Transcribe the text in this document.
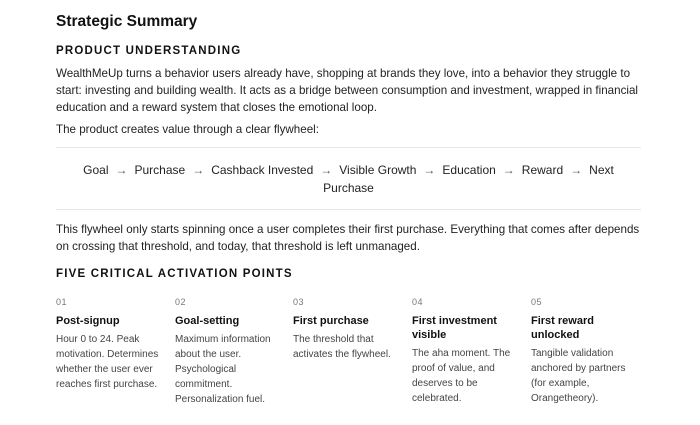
Strategic Summary
PRODUCT UNDERSTANDING

WealthMeUp turns a behavior users already have, shopping at brands they love, into a behavior they struggle to start: investing and building wealth. It acts as a bridge between consumption and investment, wrapped in financial education and a reward system that closes the emotional loop.

The product creates value through a clear flywheel:

Goal → Purchase → Cashback Invested → Visible Growth → Education → Reward → Next
Purchase

This flywheel only starts spinning once a user completes their first purchase. Everything that comes after depends on crossing that threshold, and today, that threshold is left unmanaged.

FIVE CRITICAL ACTIVATION POINTS
01
Post-signup
Hour 0 to 24. Peak motivation. Determines whether the user ever reaches first purchase.
02
Goal-setting
Maximum information about the user. Psychological commitment. Personalization fuel.
03
First purchase
The threshold that activates the flywheel.
04
First investment visible
The aha moment. The proof of value, and deserves to be celebrated.
05
First reward unlocked
Tangible validation anchored by partners (for example, Orangetheory).
